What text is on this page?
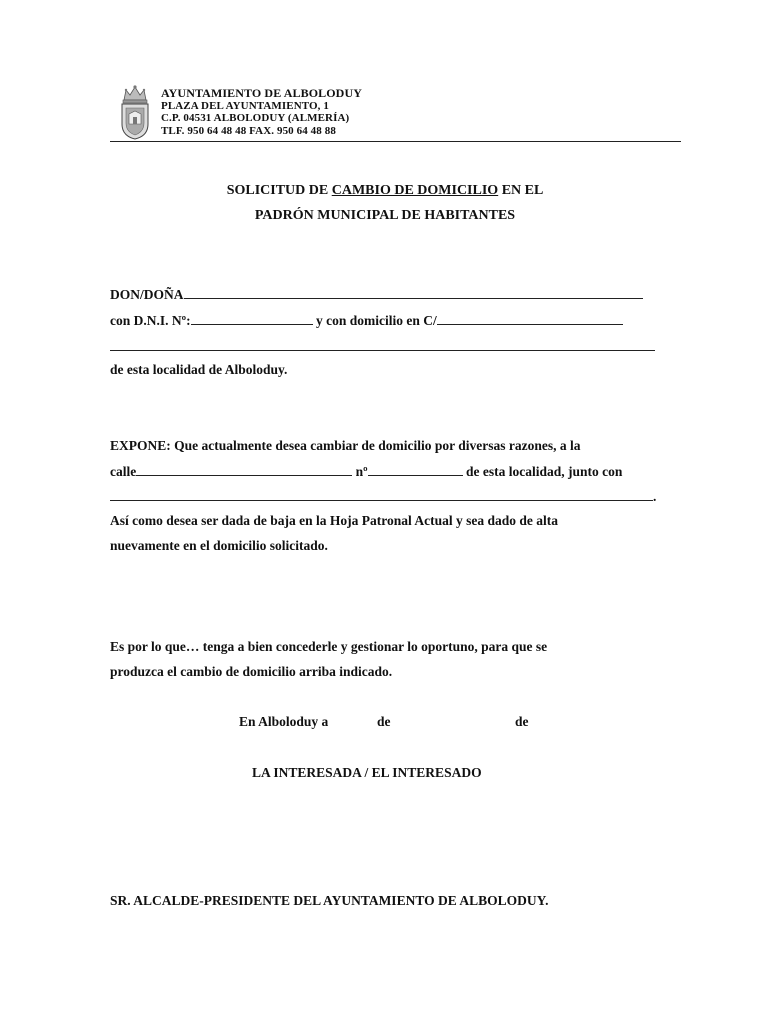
AYUNTAMIENTO DE ALBOLODUY
PLAZA DEL AYUNTAMIENTO, 1
C.P. 04531 ALBOLODUY (ALMERÍA)
TLF. 950 64 48 48 FAX. 950 64 48 88
SOLICITUD DE CAMBIO DE DOMICILIO EN EL
PADRÓN MUNICIPAL DE HABITANTES
DON/DOÑA
con D.N.I. Nº:	y con domicilio en C/
de esta localidad de Alboloduy.
EXPONE: Que actualmente desea cambiar de domicilio por diversas razones, a la
calle	nº	de esta localidad, junto con
.
Así como desea ser dada de baja en la Hoja Patronal Actual y sea dado de alta
nuevamente en el domicilio solicitado.
Es por lo que… tenga a bien concederle y gestionar lo oportuno, para que se
produzca el cambio de domicilio arriba indicado.
En Alboloduy a	de	de
LA INTERESADA / EL INTERESADO
SR. ALCALDE-PRESIDENTE DEL AYUNTAMIENTO DE ALBOLODUY.
